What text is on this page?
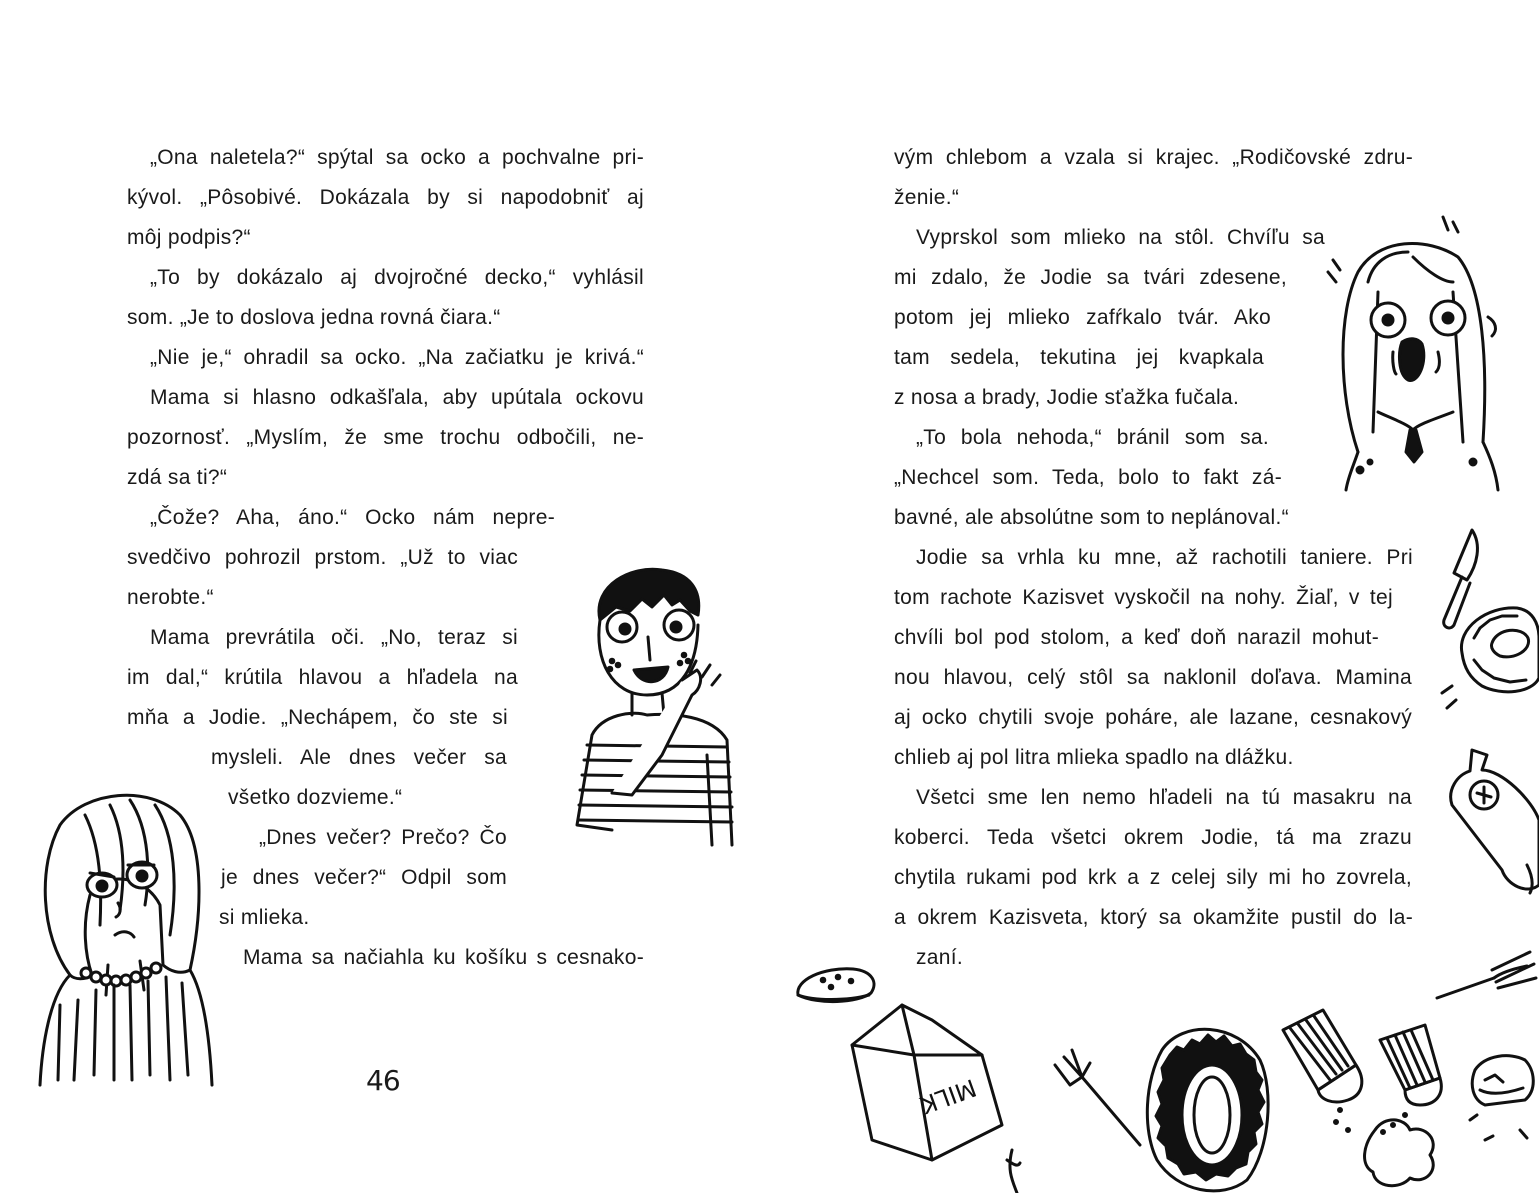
„Ona naletela?“ spýtal sa ocko a pochvalne pri-
kývol. „Pôsobivé. Dokázala by si napodobniť aj
môj podpis?“
„To by dokázalo aj dvojročné decko,“ vyhlásil
som. „Je to doslova jedna rovná čiara.“
„Nie je,“ ohradil sa ocko. „Na začiatku je krivá.“
Mama si hlasno odkašľala, aby upútala ockovu
pozornosť. „Myslím, že sme trochu odbočili, ne-
zdá sa ti?“
„Čože? Aha, áno.“ Ocko nám nepre-
svedčivo pohrozil prstom. „Už to viac
nerobte.“
Mama prevrátila oči. „No, teraz si
im dal,“ krútila hlavou a hľadela na
mňa a Jodie. „Nechápem, čo ste si
mysleli. Ale dnes večer sa
všetko dozvieme.“
„Dnes večer? Prečo? Čo
je dnes večer?“ Odpil som
si mlieka.
Mama sa načiahla ku košíku s cesnako-
46
vým chlebom a vzala si krajec. „Rodičovské zdru-
ženie.“
Vyprskol som mlieko na stôl. Chvíľu sa
mi zdalo, že Jodie sa tvári zdesene,
potom jej mlieko zafŕkalo tvár. Ako
tam sedela, tekutina jej kvapkala
z nosa a brady, Jodie sťažka fučala.
„To bola nehoda,“ bránil som sa.
„Nechcel som. Teda, bolo to fakt zá-
bavné, ale absolútne som to neplánoval.“
Jodie sa vrhla ku mne, až rachotili taniere. Pri
tom rachote Kazisvet vyskočil na nohy. Žiaľ, v tej
chvíli bol pod stolom, a keď doň narazil mohut-
nou hlavou, celý stôl sa naklonil doľava. Mamina
aj ocko chytili svoje poháre, ale lazane, cesnakový
chlieb aj pol litra mlieka spadlo na dlážku.
Všetci sme len nemo hľadeli na tú masakru na
koberci. Teda všetci okrem Jodie, tá ma zrazu
chytila rukami pod krk a z celej sily mi ho zovrela,
a okrem Kazisveta, ktorý sa okamžite pustil do la-
zaní.
MILK
